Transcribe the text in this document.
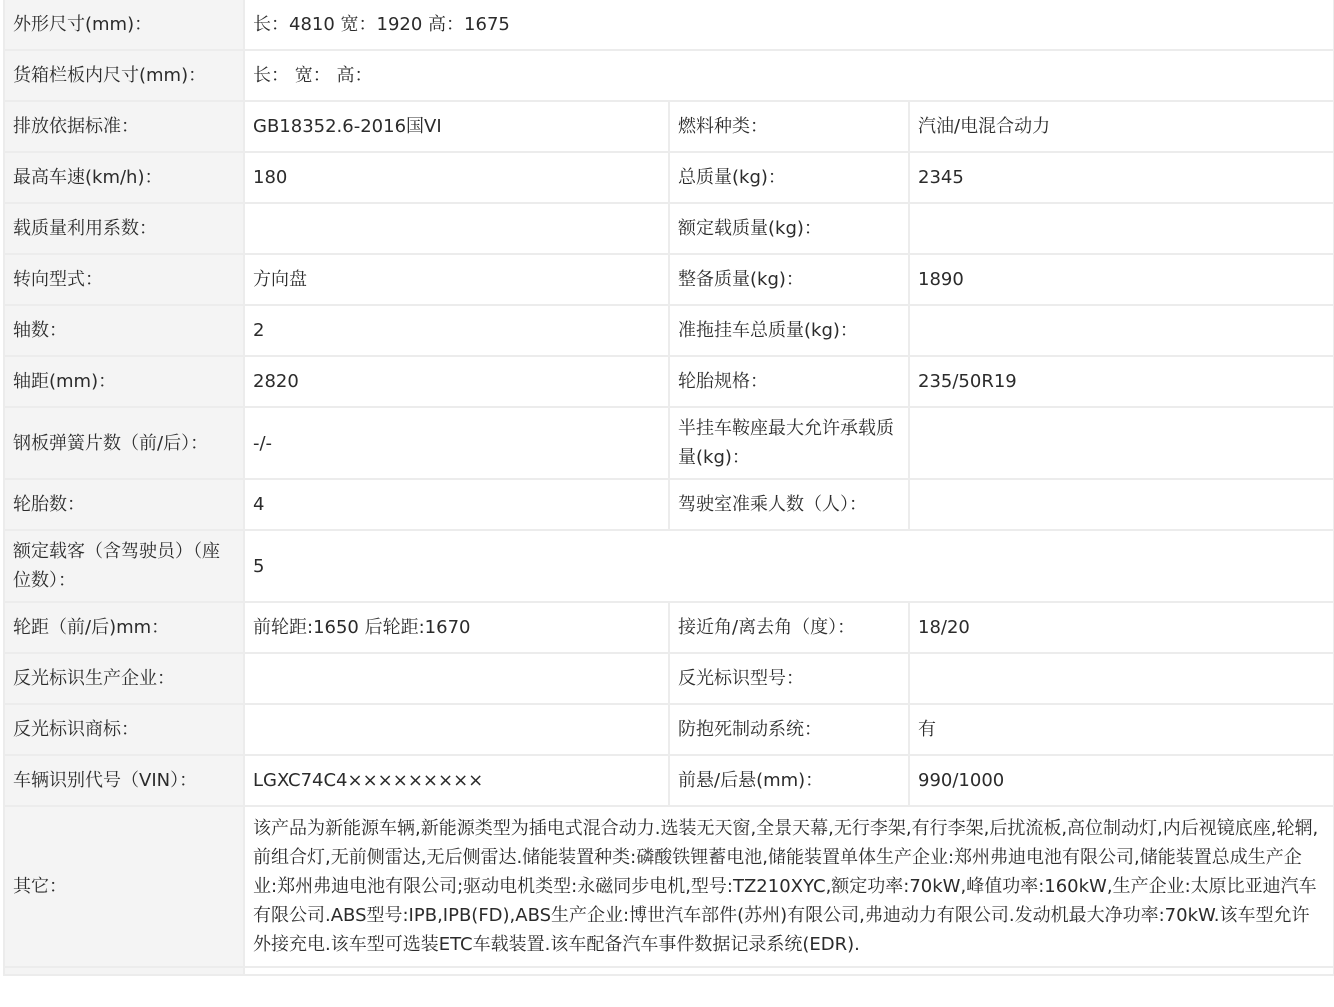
外形尺寸(mm)：	长：4810 宽：1920 高：1675		
货箱栏板内尺寸(mm)：	长： 宽： 高：		
排放依据标准：	GB18352.6-2016国VI	燃料种类：	汽油/电混合动力
最高车速(km/h)：	180	总质量(kg)：	2345
载质量利用系数：		额定载质量(kg)：	
转向型式：	方向盘	整备质量(kg)：	1890
轴数：	2	准拖挂车总质量(kg)：	
轴距(mm)：	2820	轮胎规格：	235/50R19
钢板弹簧片数（前/后）：	-/-	半挂车鞍座最大允许承载质量(kg)：	
轮胎数：	4	驾驶室准乘人数（人）：	
额定载客（含驾驶员）（座位数）：	5		
轮距（前/后)mm：	前轮距:1650 后轮距:1670	接近角/离去角（度）：	18/20
反光标识生产企业：		反光标识型号：	
反光标识商标：		防抱死制动系统：	有
车辆识别代号（VIN）：	LGXC74C4×××××××××	前悬/后悬(mm)：	990/1000
其它：	该产品为新能源车辆,新能源类型为插电式混合动力.选装无天窗,全景天幕,无行李架,有行李架,后扰流板,高位制动灯,内后视镜底座,轮辋,前组合灯,无前侧雷达,无后侧雷达.储能装置种类:磷酸铁锂蓄电池,储能装置单体生产企业:郑州弗迪电池有限公司,储能装置总成生产企业:郑州弗迪电池有限公司;驱动电机类型:永磁同步电机,型号:TZ210XYC,额定功率:70kW,峰值功率:160kW,生产企业:太原比亚迪汽车有限公司.ABS型号:IPB,IPB(FD),ABS生产企业:博世汽车部件(苏州)有限公司,弗迪动力有限公司.发动机最大净功率:70kW.该车型允许外接充电.该车型可选装ETC车载装置.该车配备汽车事件数据记录系统(EDR).		
